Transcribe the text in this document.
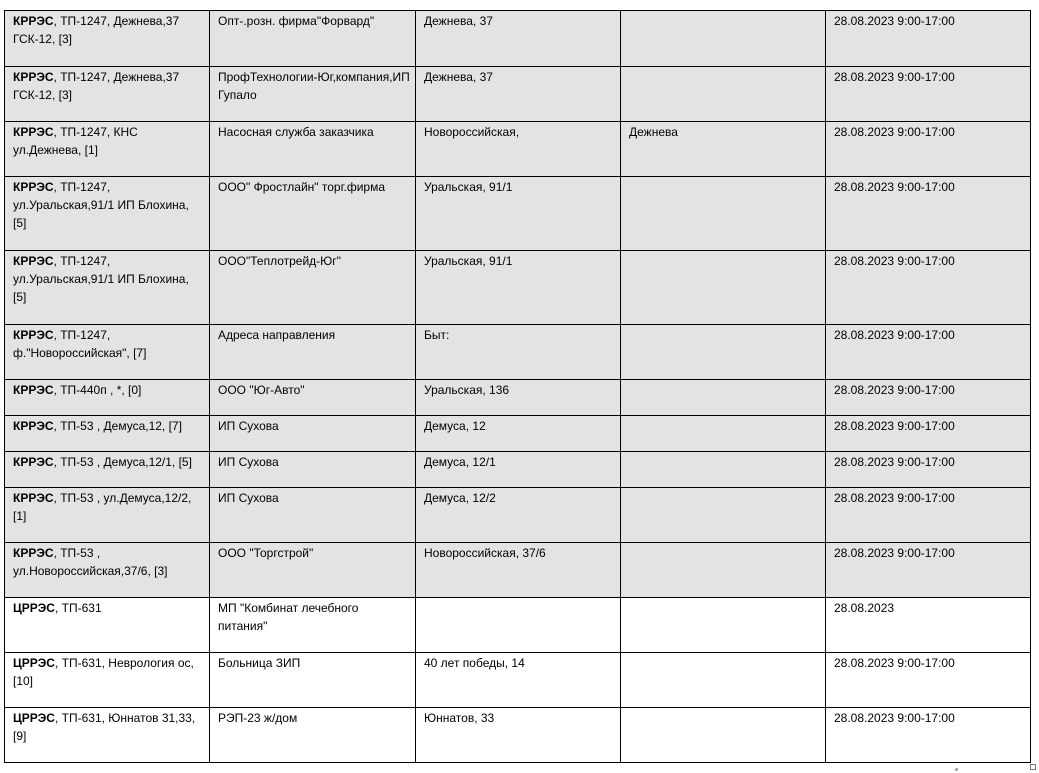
КРРЭС, ТП-1247, Дежнева,37 ГСК-12, [3]	Опт-.розн. фирма"Форвард"	Дежнева, 37		28.08.2023 9:00-17:00
КРРЭС, ТП-1247, Дежнева,37 ГСК-12, [3]	ПрофТехнологии-Юг,компания,ИП Гупало	Дежнева, 37		28.08.2023 9:00-17:00
КРРЭС, ТП-1247, КНС ул.Дежнева, [1]	Насосная служба заказчика	Новороссийская,	Дежнева	28.08.2023 9:00-17:00
КРРЭС, ТП-1247, ул.Уральская,91/1 ИП Блохина, [5]	ООО" Фростлайн" торг.фирма	Уральская, 91/1		28.08.2023 9:00-17:00
КРРЭС, ТП-1247, ул.Уральская,91/1 ИП Блохина, [5]	ООО"Теплотрейд-Юг"	Уральская, 91/1		28.08.2023 9:00-17:00
КРРЭС, ТП-1247, ф."Новороссийская", [7]	Адреса направления	Быт:		28.08.2023 9:00-17:00
КРРЭС, ТП-440п , *, [0]	ООО "Юг-Авто"	Уральская, 136		28.08.2023 9:00-17:00
КРРЭС, ТП-53 , Демуса,12, [7]	ИП Сухова	Демуса, 12		28.08.2023 9:00-17:00
КРРЭС, ТП-53 , Демуса,12/1, [5]	ИП Сухова	Демуса, 12/1		28.08.2023 9:00-17:00
КРРЭС, ТП-53 , ул.Демуса,12/2, [1]	ИП Сухова	Демуса, 12/2		28.08.2023 9:00-17:00
КРРЭС, ТП-53 , ул.Новороссийская,37/6, [3]	ООО "Торгстрой"	Новороссийская, 37/6		28.08.2023 9:00-17:00
ЦРРЭС, ТП-631	МП "Комбинат лечебного питания"			28.08.2023
ЦРРЭС, ТП-631, Неврология ос, [10]	Больница ЗИП	40 лет победы, 14		28.08.2023 9:00-17:00
ЦРРЭС, ТП-631, Юннатов 31,33, [9]	РЭП-23 ж/дом	Юннатов, 33		28.08.2023 9:00-17:00
